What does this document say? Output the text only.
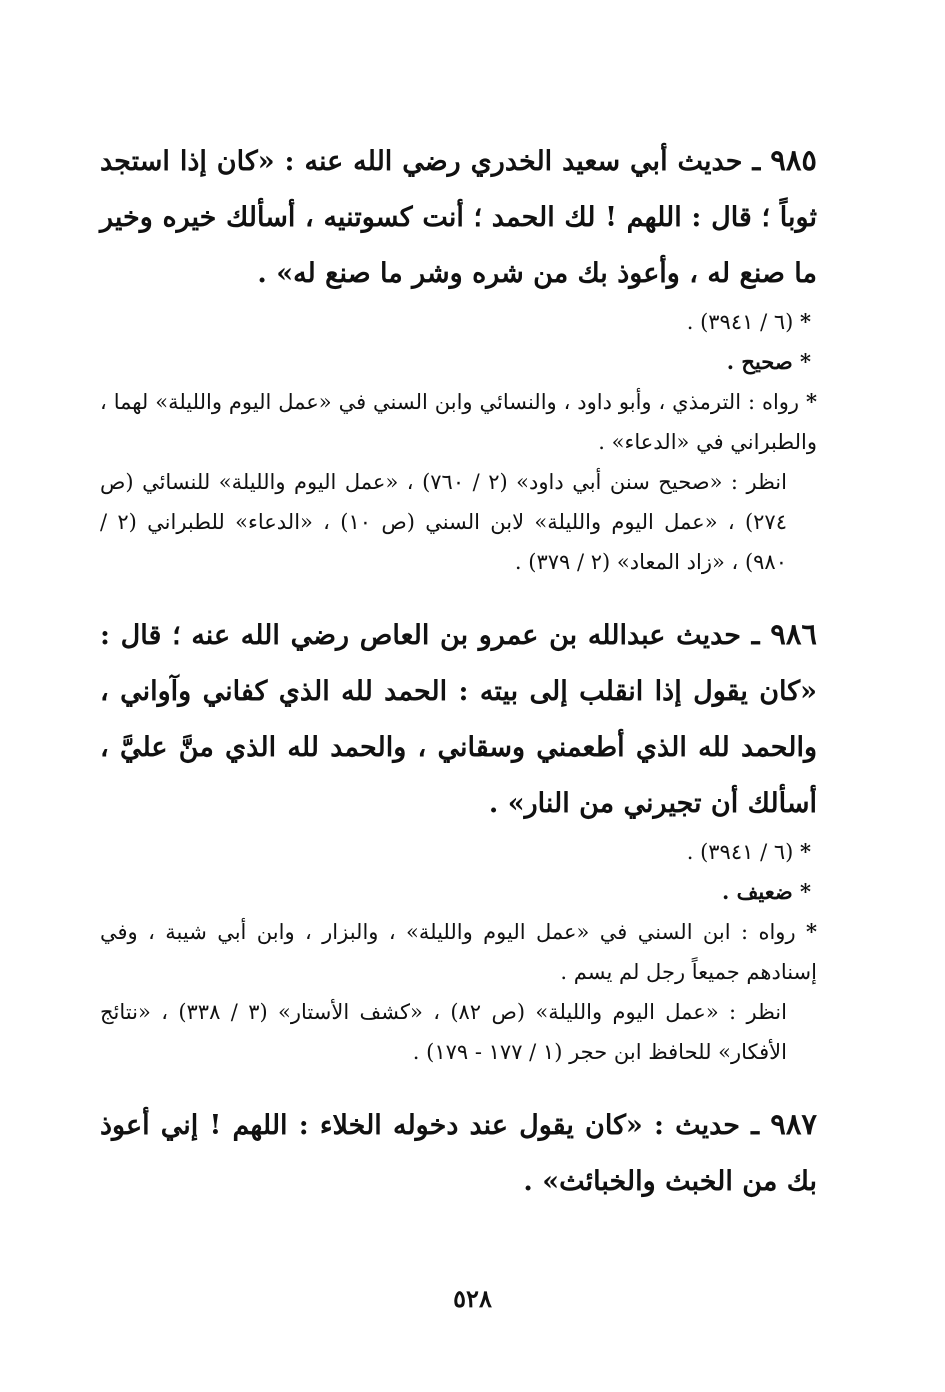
٩٨٥ ـ حديث أبي سعيد الخدري رضي الله عنه : «كان إذا استجد ثوباً ؛ قال : اللهم ! لك الحمد ؛ أنت كسوتنيه ، أسألك خيره وخير ما صنع له ، وأعوذ بك من شره وشر ما صنع له» .

* (٦ / ٣٩٤١) .

* صحيح .

* رواه : الترمذي ، وأبو داود ، والنسائي وابن السني في «عمل اليوم والليلة» لهما ، والطبراني في «الدعاء» .

انظر : «صحيح سنن أبي داود» (٢ / ٧٦٠) ، «عمل اليوم والليلة» للنسائي (ص ٢٧٤) ، «عمل اليوم والليلة» لابن السني (ص ١٠) ، «الدعاء» للطبراني (٢ / ٩٨٠) ، «زاد المعاد» (٢ / ٣٧٩) .

٩٨٦ ـ حديث عبدالله بن عمرو بن العاص رضي الله عنه ؛ قال : «كان يقول إذا انقلب إلى بيته : الحمد لله الذي كفاني وآواني ، والحمد لله الذي أطعمني وسقاني ، والحمد لله الذي منَّ عليَّ ، أسألك أن تجيرني من النار» .

* (٦ / ٣٩٤١) .

* ضعيف .

* رواه : ابن السني في «عمل اليوم والليلة» ، والبزار ، وابن أبي شيبة ، وفي إسنادهم جميعاً رجل لم يسم .

انظر : «عمل اليوم والليلة» (ص ٨٢) ، «كشف الأستار» (٣ / ٣٣٨) ، «نتائج الأفكار» للحافظ ابن حجر (١ / ١٧٧ - ١٧٩) .

٩٨٧ ـ حديث : «كان يقول عند دخوله الخلاء : اللهم ! إني أعوذ بك من الخبث والخبائث» .

٥٢٨
